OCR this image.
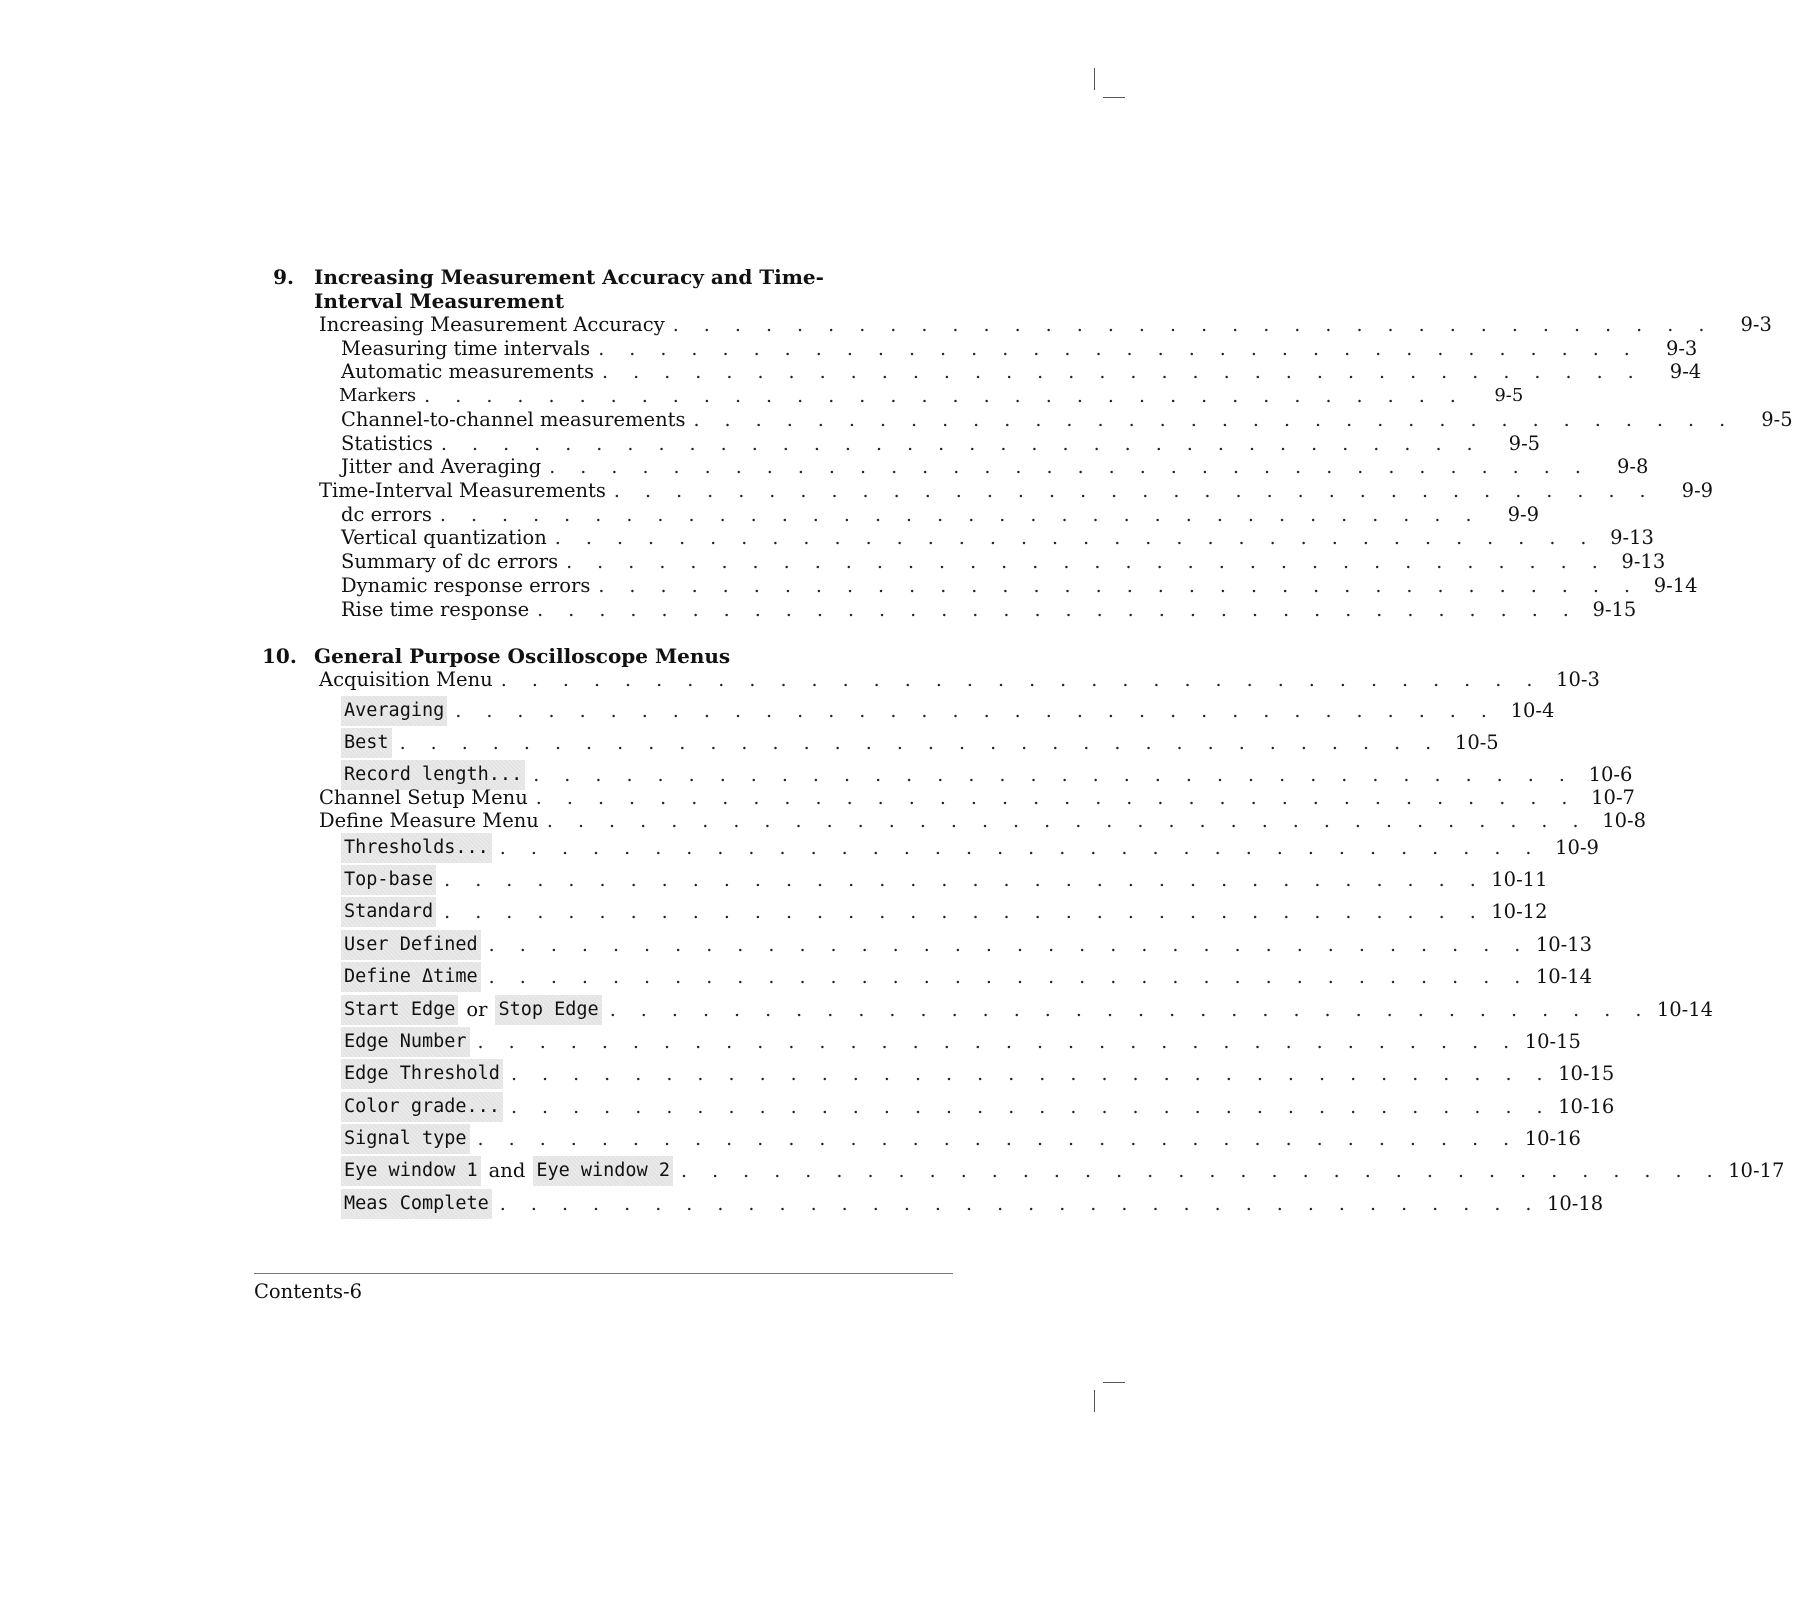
9. Increasing Measurement Accuracy and Time-Interval Measurement
Increasing Measurement Accuracy . . . . . . . . . . . . . . . . . . . . . . . . . . . . . . . . . .	9-3
Measuring time intervals . . . . . . . . . . . . . . . . . . . . . . . . . . . . . . . . . .	9-3
Automatic measurements . . . . . . . . . . . . . . . . . . . . . . . . . . . . . . . . . .	9-4
Markers . . . . . . . . . . . . . . . . . . . . . . . . . . . . . . . . . .	9-5
Channel-to-channel measurements . . . . . . . . . . . . . . . . . . . . . . . . . . . . . . . . . .	9-5
Statistics . . . . . . . . . . . . . . . . . . . . . . . . . . . . . . . . . .	9-5
Jitter and Averaging . . . . . . . . . . . . . . . . . . . . . . . . . . . . . . . . . .	9-8
Time-Interval Measurements . . . . . . . . . . . . . . . . . . . . . . . . . . . . . . . . . .	9-9
dc errors . . . . . . . . . . . . . . . . . . . . . . . . . . . . . . . . . .	9-9
Vertical quantization . . . . . . . . . . . . . . . . . . . . . . . . . . . . . . . . . . 9-13
Summary of dc errors . . . . . . . . . . . . . . . . . . . . . . . . . . . . . . . . . . 9-13
Dynamic response errors . . . . . . . . . . . . . . . . . . . . . . . . . . . . . . . . . . 9-14
Rise time response . . . . . . . . . . . . . . . . . . . . . . . . . . . . . . . . . . 9-15
10. General Purpose Oscilloscope Menus
Acquisition Menu . . . . . . . . . . . . . . . . . . . . . . . . . . . . . . . . . . 10-3
Averaging . . . . . . . . . . . . . . . . . . . . . . . . . . . . . . . . . . 10-4
Best . . . . . . . . . . . . . . . . . . . . . . . . . . . . . . . . . . 10-5
Record length... . . . . . . . . . . . . . . . . . . . . . . . . . . . . . . . . . . 10-6
Channel Setup Menu . . . . . . . . . . . . . . . . . . . . . . . . . . . . . . . . . . 10-7
Define Measure Menu . . . . . . . . . . . . . . . . . . . . . . . . . . . . . . . . . . 10-8
Thresholds... . . . . . . . . . . . . . . . . . . . . . . . . . . . . . . . . . . 10-9
Top-base . . . . . . . . . . . . . . . . . . . . . . . . . . . . . . . . . . 10-11
Standard . . . . . . . . . . . . . . . . . . . . . . . . . . . . . . . . . . 10-12
User Defined . . . . . . . . . . . . . . . . . . . . . . . . . . . . . . . . . . 10-13
Define Δtime . . . . . . . . . . . . . . . . . . . . . . . . . . . . . . . . . . 10-14
Start Edge or Stop Edge . . . . . . . . . . . . . . . . . . . . . . . . . . . . . . . . . . 10-14
Edge Number . . . . . . . . . . . . . . . . . . . . . . . . . . . . . . . . . . 10-15
Edge Threshold . . . . . . . . . . . . . . . . . . . . . . . . . . . . . . . . . . 10-15
Color grade... . . . . . . . . . . . . . . . . . . . . . . . . . . . . . . . . . . 10-16
Signal type . . . . . . . . . . . . . . . . . . . . . . . . . . . . . . . . . . 10-16
Eye window 1 and Eye window 2 . . . . . . . . . . . . . . . . . . . . . . . . . . . . . . . . . . 10-17
Meas Complete . . . . . . . . . . . . . . . . . . . . . . . . . . . . . . . . . . 10-18
Contents-6
